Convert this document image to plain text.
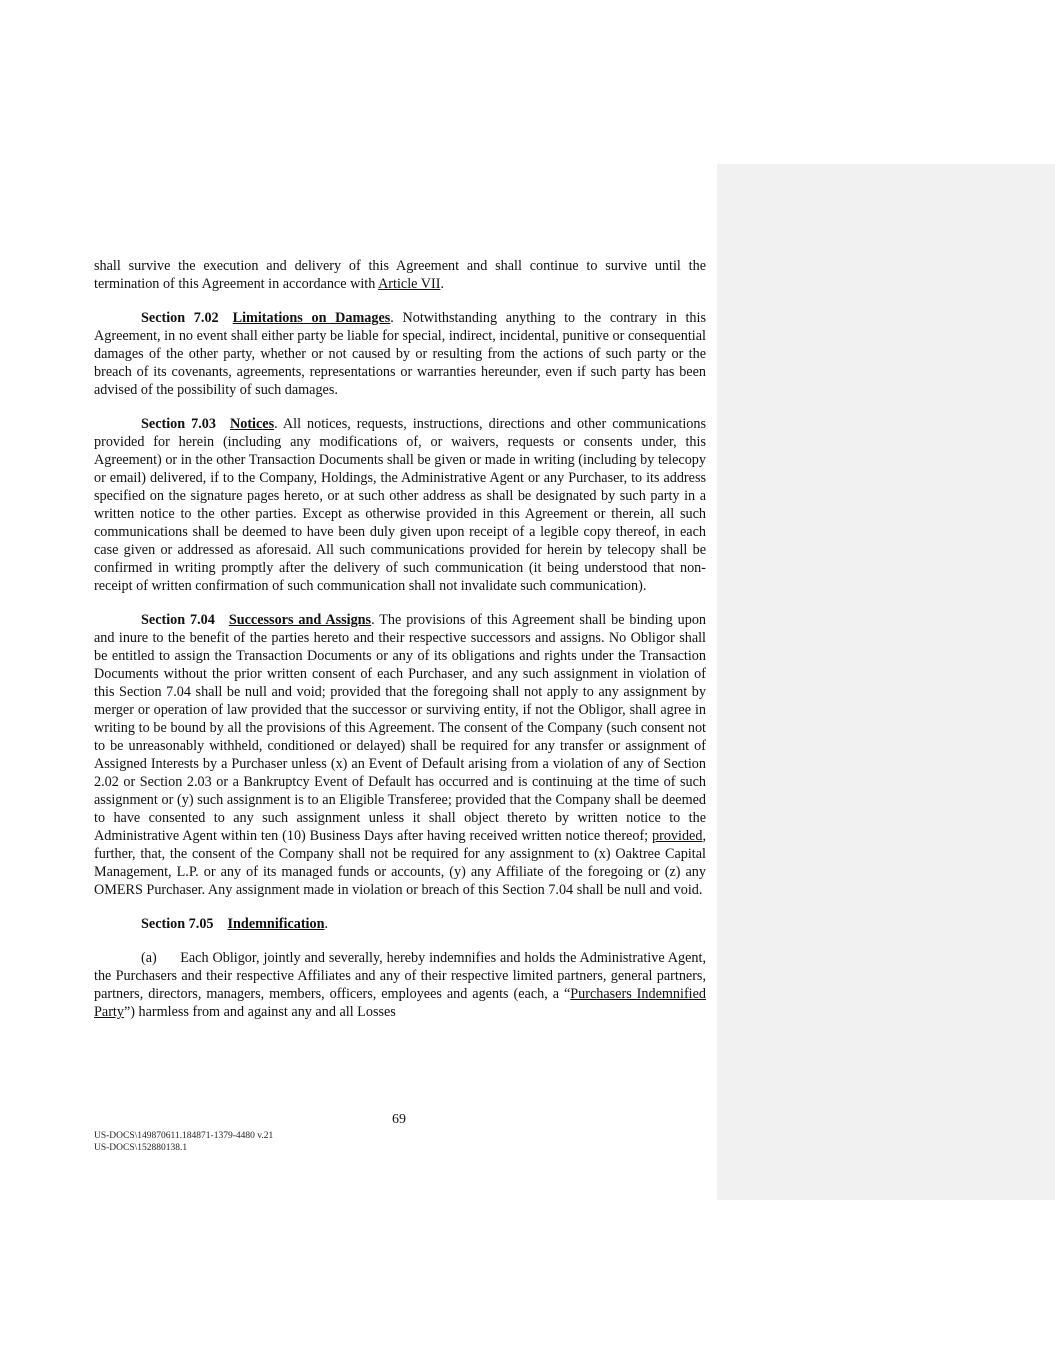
shall survive the execution and delivery of this Agreement and shall continue to survive until the termination of this Agreement in accordance with Article VII.

Section 7.02 Limitations on Damages. Notwithstanding anything to the contrary in this Agreement, in no event shall either party be liable for special, indirect, incidental, punitive or consequential damages of the other party, whether or not caused by or resulting from the actions of such party or the breach of its covenants, agreements, representations or warranties hereunder, even if such party has been advised of the possibility of such damages.

Section 7.03 Notices. All notices, requests, instructions, directions and other communications provided for herein (including any modifications of, or waivers, requests or consents under, this Agreement) or in the other Transaction Documents shall be given or made in writing (including by telecopy or email) delivered, if to the Company, Holdings, the Administrative Agent or any Purchaser, to its address specified on the signature pages hereto, or at such other address as shall be designated by such party in a written notice to the other parties. Except as otherwise provided in this Agreement or therein, all such communications shall be deemed to have been duly given upon receipt of a legible copy thereof, in each case given or addressed as aforesaid. All such communications provided for herein by telecopy shall be confirmed in writing promptly after the delivery of such communication (it being understood that non-receipt of written confirmation of such communication shall not invalidate such communication).

Section 7.04 Successors and Assigns. The provisions of this Agreement shall be binding upon and inure to the benefit of the parties hereto and their respective successors and assigns. No Obligor shall be entitled to assign the Transaction Documents or any of its obligations and rights under the Transaction Documents without the prior written consent of each Purchaser, and any such assignment in violation of this Section 7.04 shall be null and void; provided that the foregoing shall not apply to any assignment by merger or operation of law provided that the successor or surviving entity, if not the Obligor, shall agree in writing to be bound by all the provisions of this Agreement. The consent of the Company (such consent not to be unreasonably withheld, conditioned or delayed) shall be required for any transfer or assignment of Assigned Interests by a Purchaser unless (x) an Event of Default arising from a violation of any of Section 2.02 or Section 2.03 or a Bankruptcy Event of Default has occurred and is continuing at the time of such assignment or (y) such assignment is to an Eligible Transferee; provided that the Company shall be deemed to have consented to any such assignment unless it shall object thereto by written notice to the Administrative Agent within ten (10) Business Days after having received written notice thereof; provided, further, that, the consent of the Company shall not be required for any assignment to (x) Oaktree Capital Management, L.P. or any of its managed funds or accounts, (y) any Affiliate of the foregoing or (z) any OMERS Purchaser. Any assignment made in violation or breach of this Section 7.04 shall be null and void.

Section 7.05 Indemnification.

(a)      Each Obligor, jointly and severally, hereby indemnifies and holds the Administrative Agent, the Purchasers and their respective Affiliates and any of their respective limited partners, general partners, partners, directors, managers, members, officers, employees and agents (each, a “Purchasers Indemnified Party”) harmless from and against any and all Losses

69
US-DOCS\149870611.184871-1379-4480 v.21
US-DOCS\152880138.1
